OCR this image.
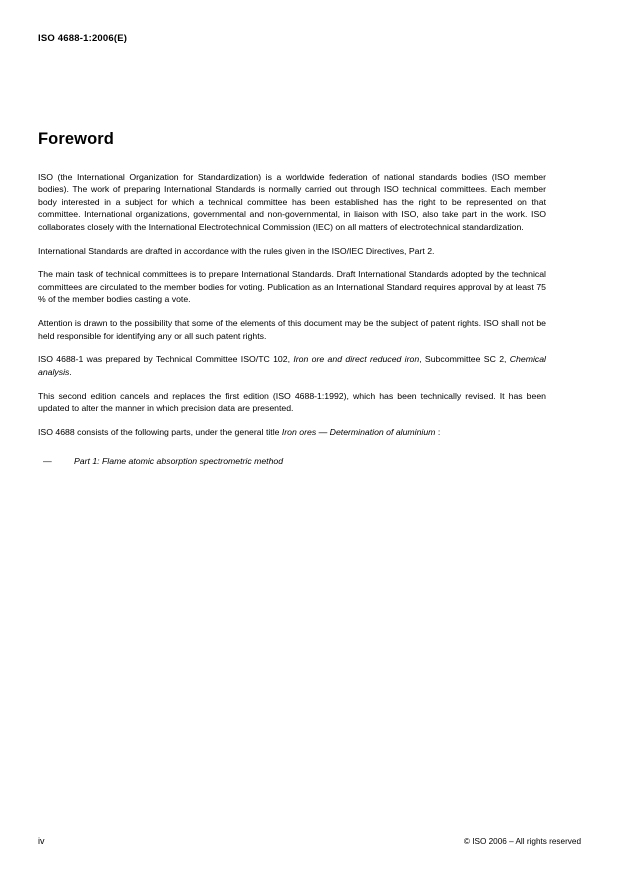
ISO 4688-1:2006(E)
Foreword

ISO (the International Organization for Standardization) is a worldwide federation of national standards bodies (ISO member bodies). The work of preparing International Standards is normally carried out through ISO technical committees. Each member body interested in a subject for which a technical committee has been established has the right to be represented on that committee. International organizations, governmental and non-governmental, in liaison with ISO, also take part in the work. ISO collaborates closely with the International Electrotechnical Commission (IEC) on all matters of electrotechnical standardization.

International Standards are drafted in accordance with the rules given in the ISO/IEC Directives, Part 2.

The main task of technical committees is to prepare International Standards. Draft International Standards adopted by the technical committees are circulated to the member bodies for voting. Publication as an International Standard requires approval by at least 75 % of the member bodies casting a vote.

Attention is drawn to the possibility that some of the elements of this document may be the subject of patent rights. ISO shall not be held responsible for identifying any or all such patent rights.

ISO 4688-1 was prepared by Technical Committee ISO/TC 102, Iron ore and direct reduced iron, Subcommittee SC 2, Chemical analysis.

This second edition cancels and replaces the first edition (ISO 4688-1:1992), which has been technically revised. It has been updated to alter the manner in which precision data are presented.

ISO 4688 consists of the following parts, under the general title Iron ores — Determination of aluminium :

—	Part 1: Flame atomic absorption spectrometric method

iv	© ISO 2006 – All rights reserved
